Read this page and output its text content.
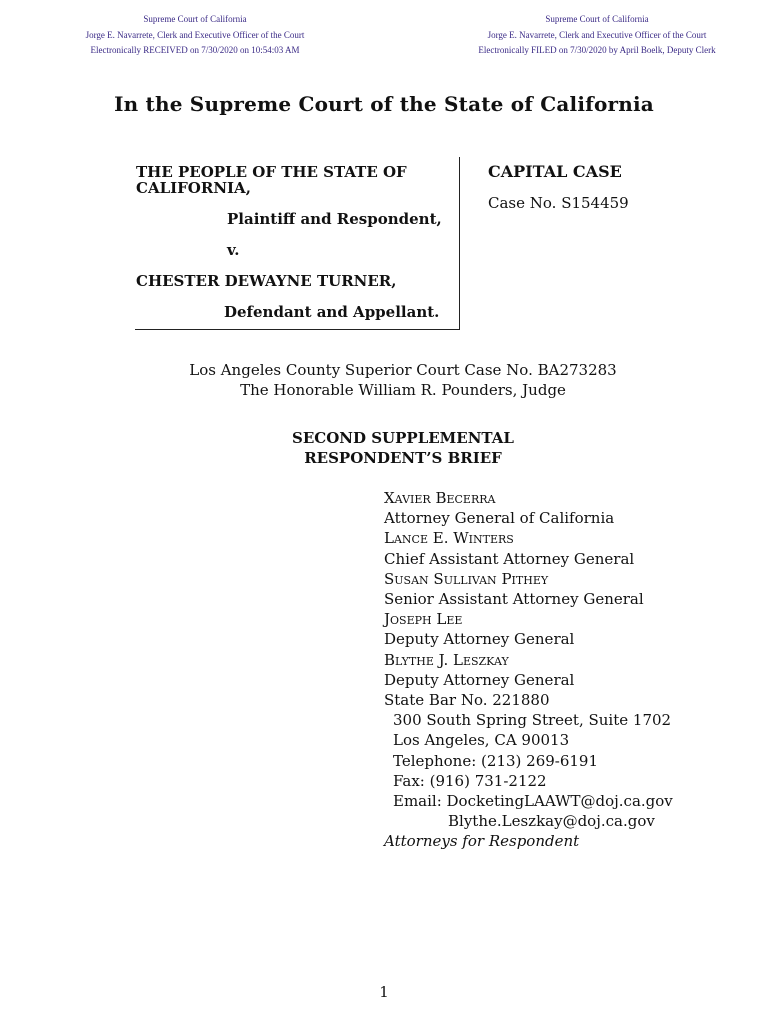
Supreme Court of California
Jorge E. Navarrete, Clerk and Executive Officer of the Court
Electronically RECEIVED on 7/30/2020 on 10:54:03 AM
Supreme Court of California
Jorge E. Navarrete, Clerk and Executive Officer of the Court
Electronically FILED on 7/30/2020 by April Boelk, Deputy Clerk
In the Supreme Court of the State of California
THE PEOPLE OF THE STATE OF
CALIFORNIA,
Plaintiff and Respondent,
v.
CHESTER DEWAYNE TURNER,
Defendant and Appellant.
CAPITAL CASE
Case No. S154459
Los Angeles County Superior Court Case No. BA273283
The Honorable William R. Pounders, Judge
SECOND SUPPLEMENTAL
RESPONDENT’S BRIEF
Xavier Becerra
Attorney General of California
Lance E. Winters
Chief Assistant Attorney General
Susan Sullivan Pithey
Senior Assistant Attorney General
Joseph Lee
Deputy Attorney General
Blythe J. Leszkay
Deputy Attorney General
State Bar No. 221880
300 South Spring Street, Suite 1702
Los Angeles, CA 90013
Telephone: (213) 269-6191
Fax: (916) 731-2122
Email: DocketingLAAWT@doj.ca.gov
Blythe.Leszkay@doj.ca.gov
Attorneys for Respondent
1
